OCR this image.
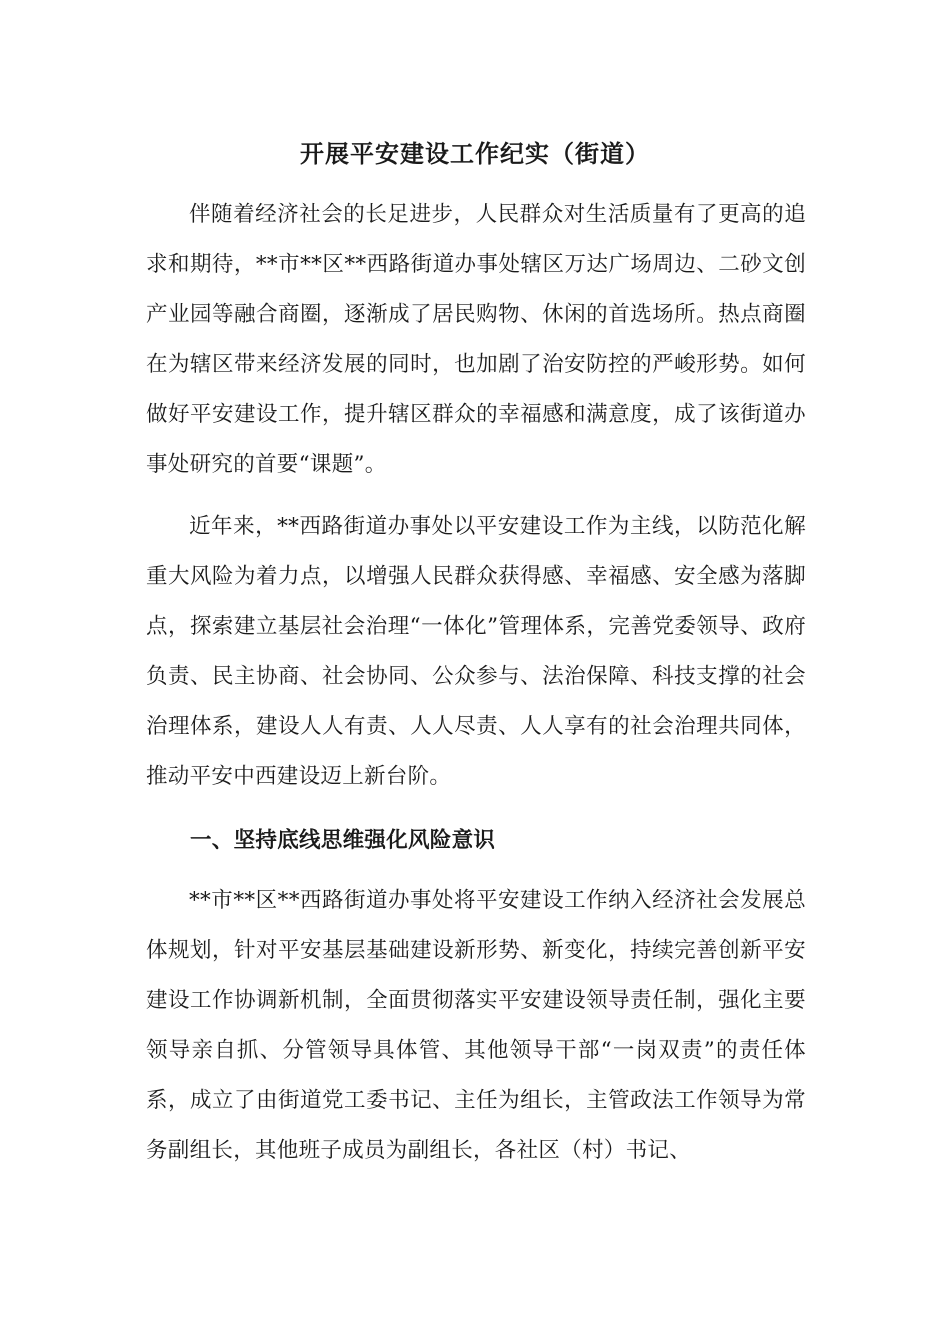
开展平安建设工作纪实（街道）

伴随着经济社会的长足进步，人民群众对生活质量有了更高的追求和期待，**市**区**西路街道办事处辖区万达广场周边、二砂文创产业园等融合商圈，逐渐成了居民购物、休闲的首选场所。热点商圈在为辖区带来经济发展的同时，也加剧了治安防控的严峻形势。如何做好平安建设工作，提升辖区群众的幸福感和满意度，成了该街道办事处研究的首要“课题”。

近年来，**西路街道办事处以平安建设工作为主线，以防范化解重大风险为着力点，以增强人民群众获得感、幸福感、安全感为落脚点，探索建立基层社会治理“一体化”管理体系，完善党委领导、政府负责、民主协商、社会协同、公众参与、法治保障、科技支撑的社会治理体系，建设人人有责、人人尽责、人人享有的社会治理共同体，推动平安中西建设迈上新台阶。

一、坚持底线思维强化风险意识

**市**区**西路街道办事处将平安建设工作纳入经济社会发展总体规划，针对平安基层基础建设新形势、新变化，持续完善创新平安建设工作协调新机制，全面贯彻落实平安建设领导责任制，强化主要领导亲自抓、分管领导具体管、其他领导干部“一岗双责”的责任体系，成立了由街道党工委书记、主任为组长，主管政法工作领导为常务副组长，其他班子成员为副组长，各社区（村）书记、
